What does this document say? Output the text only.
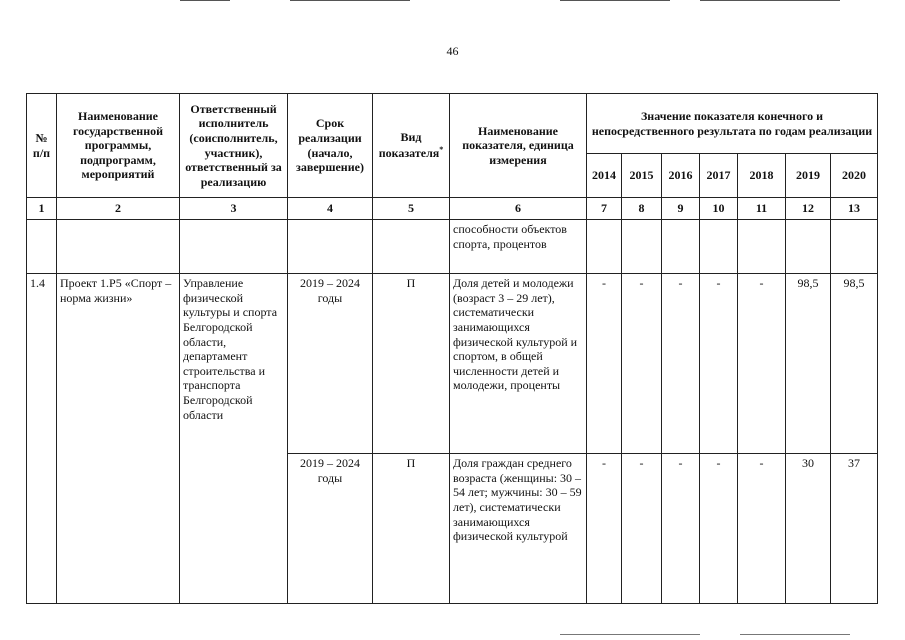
46
№ п/п	Наименование государственной программы, подпрограмм, мероприятий	Ответственный исполнитель (соисполнитель, участник), ответственный за реализацию	Срок реализации (начало, завершение)	Вид показателя*	Наименование показателя, единица измерения	Значение показателя конечного и непосредственного результата по годам реализации						
						2014	2015	2016	2017	2018	2019	2020
1	2	3	4	5	6	7	8	9	10	11	12	13
					способности объектов спорта, процентов							
1.4	Проект 1.Р5 «Спорт – норма жизни»	Управление физической культуры и спорта Белгородской области, департамент строительства и транспорта Белгородской области	2019 – 2024 годы	П	Доля детей и молодежи (возраст 3 – 29 лет), систематически занимающихся физической культурой и спортом, в общей численности детей и молодежи, проценты	-	-	-	-	-	98,5	98,5
			2019 – 2024 годы	П	Доля граждан среднего возраста (женщины: 30 – 54 лет; мужчины: 30 – 59 лет), систематически занимающихся физической культурой	-	-	-	-	-	30	37
